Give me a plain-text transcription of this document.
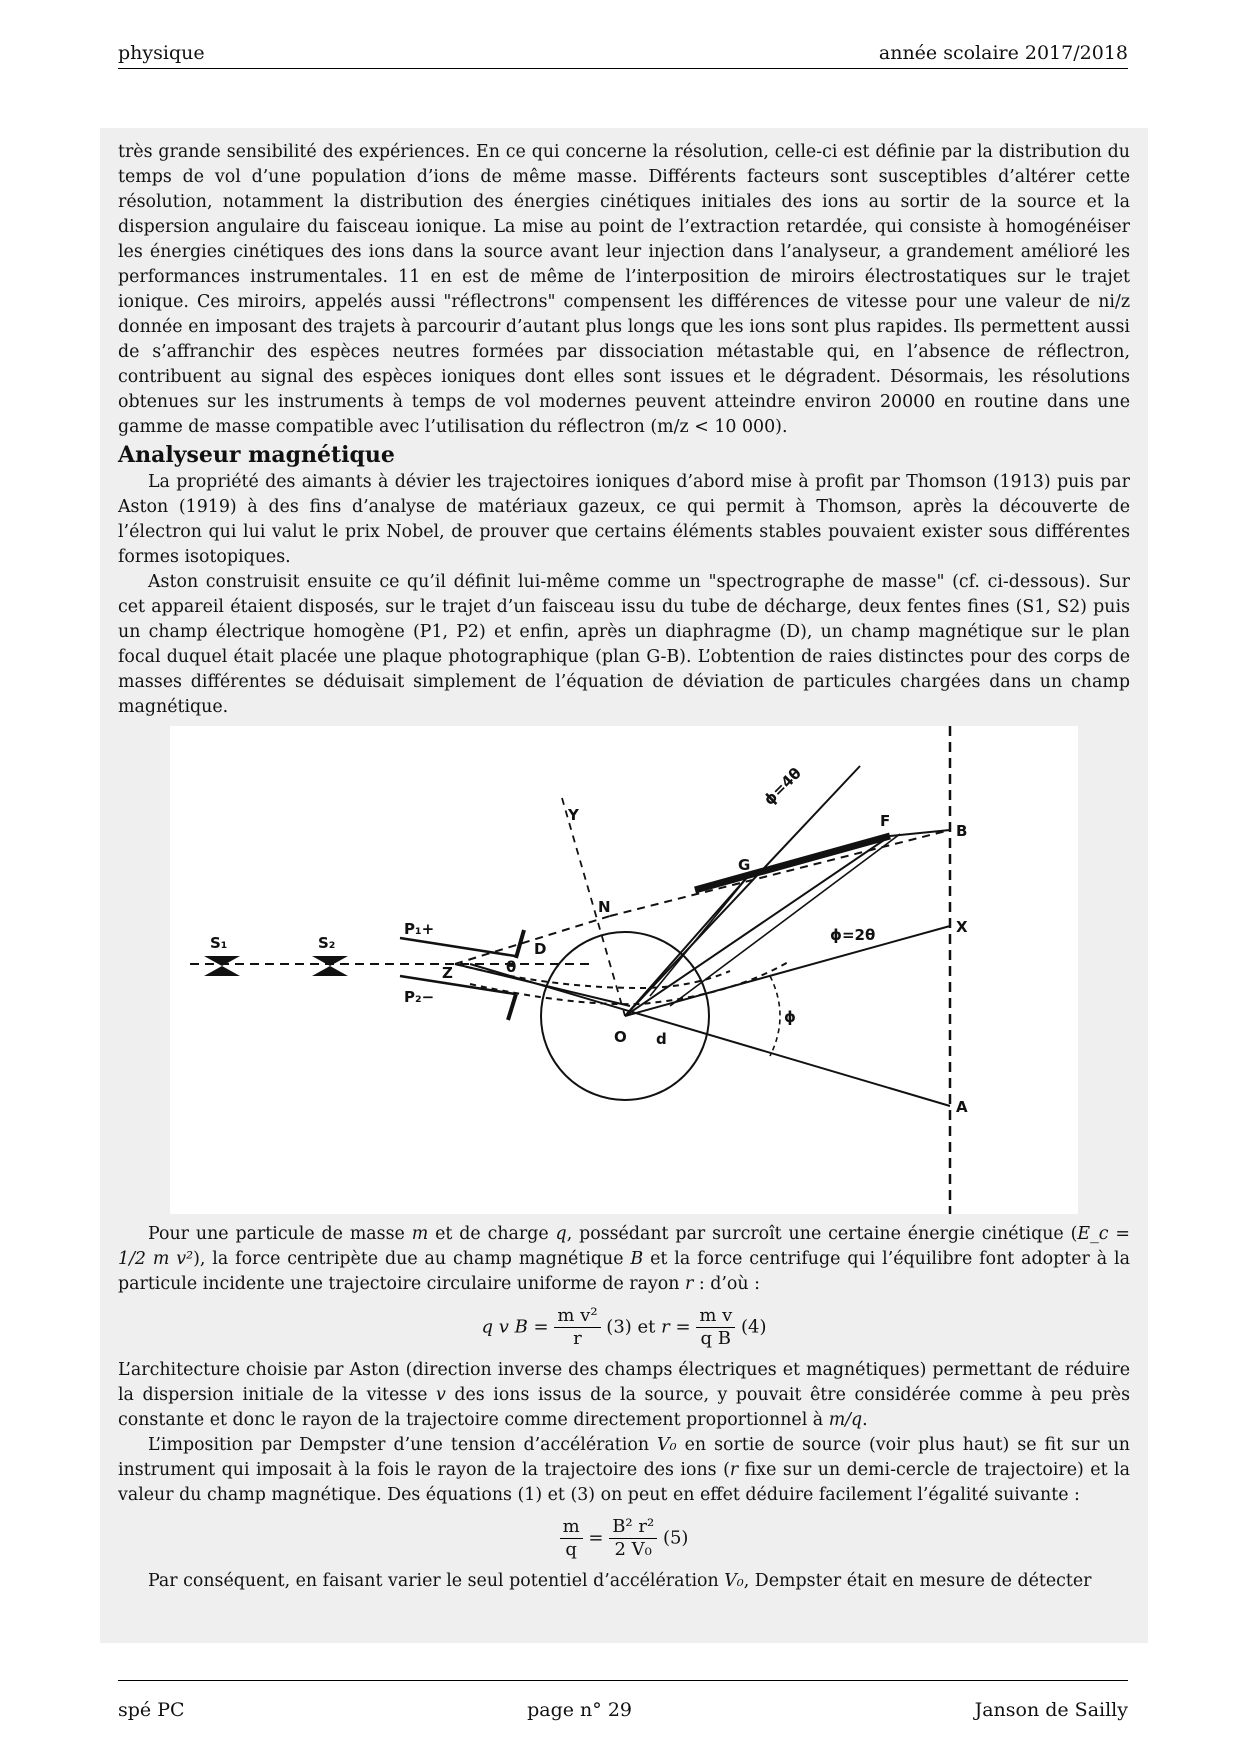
physique	année scolaire 2017/2018

très grande sensibilité des expériences. En ce qui concerne la résolution, celle-ci est définie par la distribution du temps de vol d’une population d’ions de même masse. Différents facteurs sont susceptibles d’altérer cette résolution, notamment la distribution des énergies cinétiques initiales des ions au sortir de la source et la dispersion angulaire du faisceau ionique. La mise au point de l’extraction retardée, qui consiste à homogénéiser les énergies cinétiques des ions dans la source avant leur injection dans l’analyseur, a grandement amélioré les performances instrumentales. 11 en est de même de l’interposition de miroirs électrostatiques sur le trajet ionique. Ces miroirs, appelés aussi "réflectrons" compensent les différences de vitesse pour une valeur de ni/z donnée en imposant des trajets à parcourir d’autant plus longs que les ions sont plus rapides. Ils permettent aussi de s’affranchir des espèces neutres formées par dissociation métastable qui, en l’absence de réflectron, contribuent au signal des espèces ioniques dont elles sont issues et le dégradent. Désormais, les résolutions obtenues sur les instruments à temps de vol modernes peuvent atteindre environ 20000 en routine dans une gamme de masse compatible avec l’utilisation du réflectron (m/z < 10 000).

Analyseur magnétique

La propriété des aimants à dévier les trajectoires ioniques d’abord mise à profit par Thomson (1913) puis par Aston (1919) à des fins d’analyse de matériaux gazeux, ce qui permit à Thomson, après la découverte de l’électron qui lui valut le prix Nobel, de prouver que certains éléments stables pouvaient exister sous différentes formes isotopiques.

Aston construisit ensuite ce qu’il définit lui-même comme un "spectrographe de masse" (cf. ci-dessous). Sur cet appareil étaient disposés, sur le trajet d’un faisceau issu du tube de décharge, deux fentes fines (S1, S2) puis un champ électrique homogène (P1, P2) et enfin, après un diaphragme (D), un champ magnétique sur le plan focal duquel était placée une plaque photographique (plan G-B). L’obtention de raies distinctes pour des corps de masses différentes se déduisait simplement de l’équation de déviation de particules chargées dans un champ magnétique.

S₁	S₂
P₁+
P₂−
Z
D
θ
Y
N
G
F
B
X
A
O d
ϕ
ϕ=2θ
ϕ=4θ

Pour une particule de masse m et de charge q, possédant par surcroît une certaine énergie cinétique (E_c = 1/2 m v²), la force centripète due au champ magnétique B et la force centrifuge qui l’équilibre font adopter à la particule incidente une trajectoire circulaire uniforme de rayon r : d’où :

q v $B = \frac{\text{m v²}}{r} (3)$ et $r = \frac{\text{m v}}{\text{q B}} (4)$

L’architecture choisie par Aston (direction inverse des champs électriques et magnétiques) permettant de réduire la dispersion initiale de la vitesse v des ions issus de la source, y pouvait être considérée comme à peu près constante et donc le rayon de la trajectoire comme directement proportionnel à m/q.

L’imposition par Dempster d’une tension d’accélération V₀ en sortie de source (voir plus haut) se fit sur un instrument qui imposait à la fois le rayon de la trajectoire des ions (r fixe sur un demi-cercle de trajectoire) et la valeur du champ magnétique. Des équations (1) et (3) on peut en effet déduire facilement l’égalité suivante :

$\frac{m}{q} = \frac{\text{B² r²}}{\text{2 V₀}} (5)$

Par conséquent, en faisant varier le seul potentiel d’accélération V₀, Dempster était en mesure de détecter

spé PC	page n° 29	Janson de Sailly
